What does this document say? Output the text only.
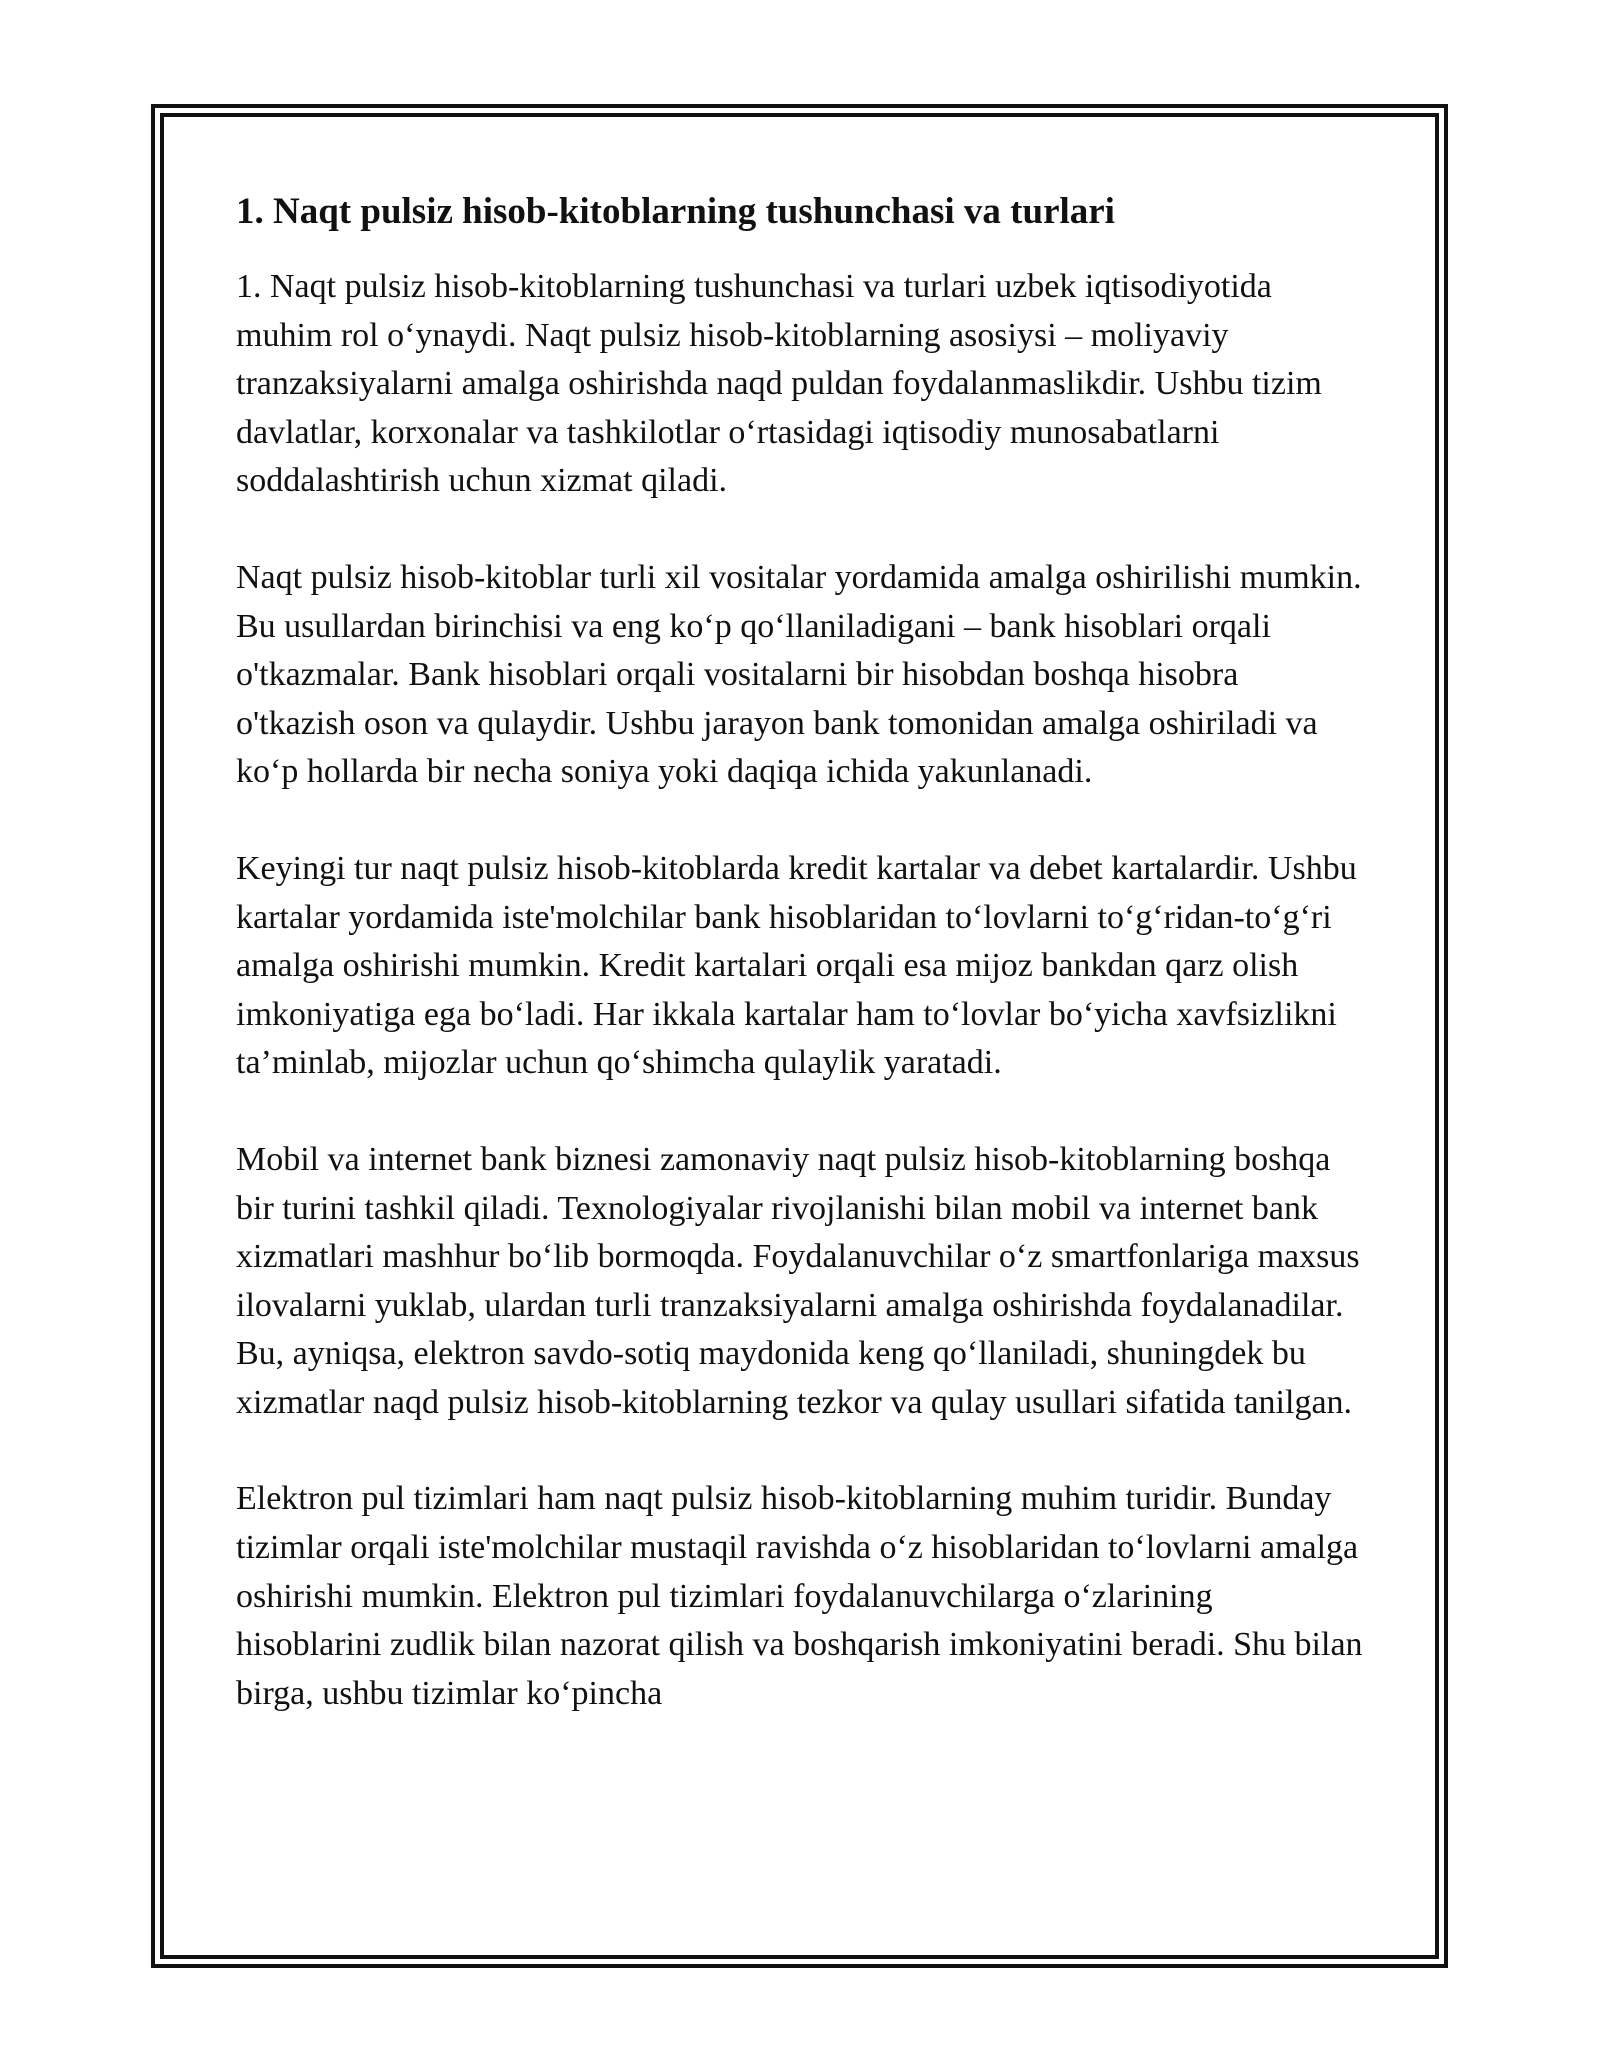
1. Naqt pulsiz hisob-kitoblarning tushunchasi va turlari

1. Naqt pulsiz hisob-kitoblarning tushunchasi va turlari uzbek iqtisodiyotida muhim rol oʻynaydi. Naqt pulsiz hisob-kitoblarning asosiysi – moliyaviy tranzaksiyalarni amalga oshirishda naqd puldan foydalanmaslikdir. Ushbu tizim davlatlar, korxonalar va tashkilotlar oʻrtasidagi iqtisodiy munosabatlarni soddalashtirish uchun xizmat qiladi.

Naqt pulsiz hisob-kitoblar turli xil vositalar yordamida amalga oshirilishi mumkin. Bu usullardan birinchisi va eng koʻp qoʻllaniladigani – bank hisoblari orqali o'tkazmalar. Bank hisoblari orqali vositalarni bir hisobdan boshqa hisobra o'tkazish oson va qulaydir. Ushbu jarayon bank tomonidan amalga oshiriladi va koʻp hollarda bir necha soniya yoki daqiqa ichida yakunlanadi.

Keyingi tur naqt pulsiz hisob-kitoblarda kredit kartalar va debet kartalardir. Ushbu kartalar yordamida iste'molchilar bank hisoblaridan toʻlovlarni toʻgʻridan-toʻgʻri amalga oshirishi mumkin. Kredit kartalari orqali esa mijoz bankdan qarz olish imkoniyatiga ega boʻladi. Har ikkala kartalar ham toʻlovlar boʻyicha xavfsizlikni ta’minlab, mijozlar uchun qoʻshimcha qulaylik yaratadi.

Mobil va internet bank biznesi zamonaviy naqt pulsiz hisob-kitoblarning boshqa bir turini tashkil qiladi. Texnologiyalar rivojlanishi bilan mobil va internet bank xizmatlari mashhur boʻlib bormoqda. Foydalanuvchilar oʻz smartfonlariga maxsus ilovalarni yuklab, ulardan turli tranzaksiyalarni amalga oshirishda foydalanadilar. Bu, ayniqsa, elektron savdo-sotiq maydonida keng qoʻllaniladi, shuningdek bu xizmatlar naqd pulsiz hisob-kitoblarning tezkor va qulay usullari sifatida tanilgan.

Elektron pul tizimlari ham naqt pulsiz hisob-kitoblarning muhim turidir. Bunday tizimlar orqali iste'molchilar mustaqil ravishda oʻz hisoblaridan toʻlovlarni amalga oshirishi mumkin. Elektron pul tizimlari foydalanuvchilarga oʻzlarining hisoblarini zudlik bilan nazorat qilish va boshqarish imkoniyatini beradi. Shu bilan birga, ushbu tizimlar koʻpincha
